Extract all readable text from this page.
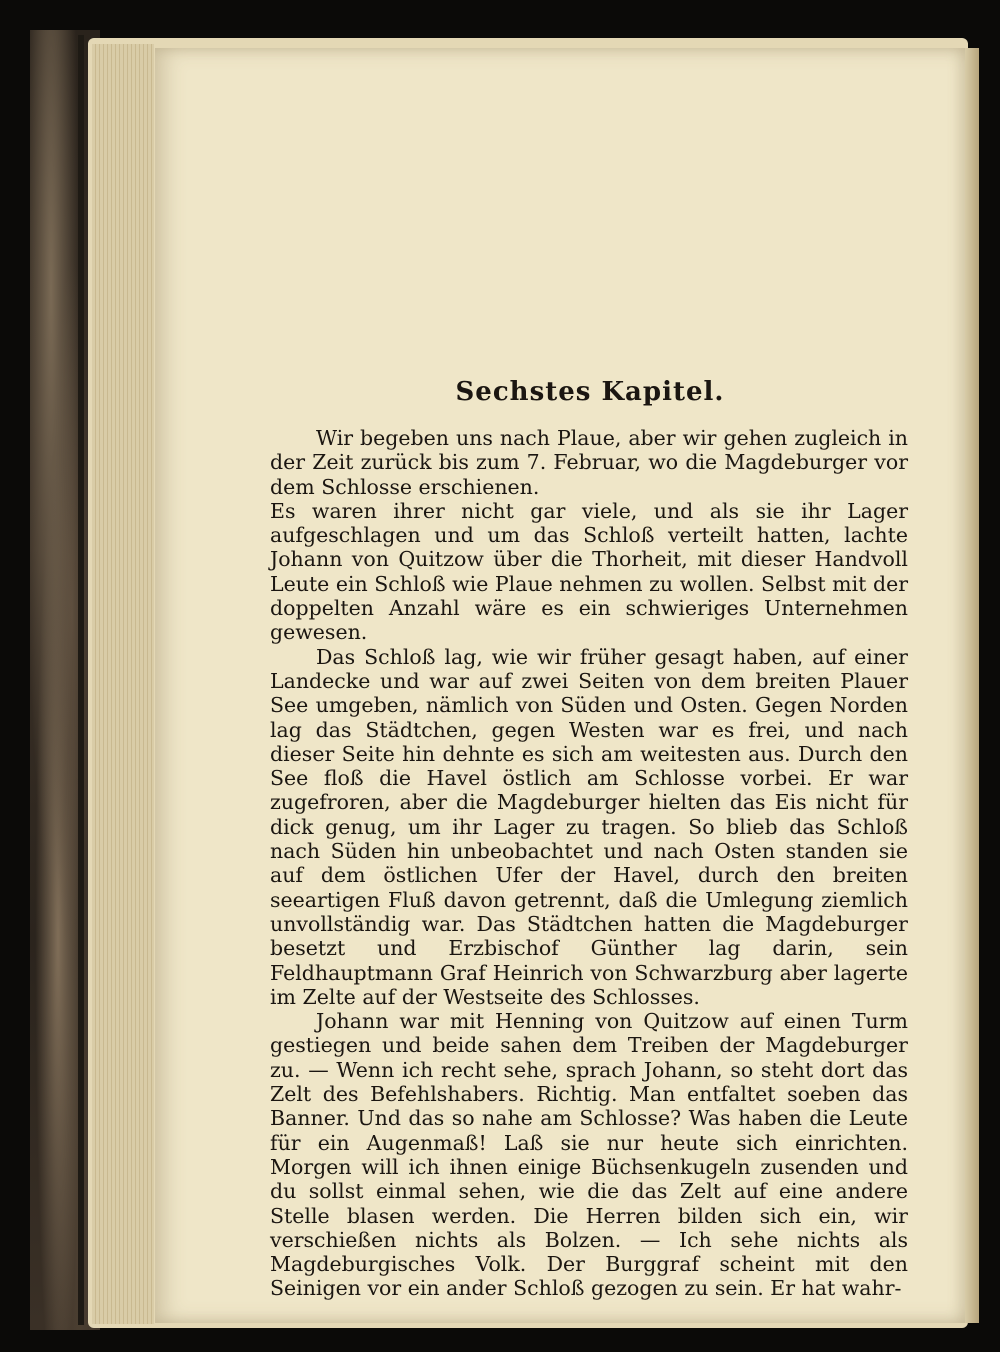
Sechstes Kapitel.

Wir begeben uns nach Plaue, aber wir gehen zugleich in der Zeit zurück bis zum 7. Februar, wo die Magdeburger vor dem Schlosse erschienen.

Es waren ihrer nicht gar viele, und als sie ihr Lager aufgeschlagen und um das Schloß verteilt hatten, lachte Johann von Quitzow über die Thorheit, mit dieser Handvoll Leute ein Schloß wie Plaue nehmen zu wollen. Selbst mit der doppelten Anzahl wäre es ein schwieriges Unternehmen gewesen.

Das Schloß lag, wie wir früher gesagt haben, auf einer Landecke und war auf zwei Seiten von dem breiten Plauer See umgeben, nämlich von Süden und Osten. Gegen Norden lag das Städtchen, gegen Westen war es frei, und nach dieser Seite hin dehnte es sich am weitesten aus. Durch den See floß die Havel östlich am Schlosse vorbei. Er war zugefroren, aber die Magdeburger hielten das Eis nicht für dick genug, um ihr Lager zu tragen. So blieb das Schloß nach Süden hin unbeobachtet und nach Osten standen sie auf dem östlichen Ufer der Havel, durch den breiten seeartigen Fluß davon getrennt, daß die Umlegung ziemlich unvollständig war. Das Städtchen hatten die Magdeburger besetzt und Erzbischof Günther lag darin, sein Feldhauptmann Graf Heinrich von Schwarzburg aber lagerte im Zelte auf der Westseite des Schlosses.

Johann war mit Henning von Quitzow auf einen Turm gestiegen und beide sahen dem Treiben der Magdeburger zu. — Wenn ich recht sehe, sprach Johann, so steht dort das Zelt des Befehlshabers. Richtig. Man entfaltet soeben das Banner. Und das so nahe am Schlosse? Was haben die Leute für ein Augenmaß! Laß sie nur heute sich einrichten. Morgen will ich ihnen einige Büchsenkugeln zusenden und du sollst einmal sehen, wie die das Zelt auf eine andere Stelle blasen werden. Die Herren bilden sich ein, wir verschießen nichts als Bolzen. — Ich sehe nichts als Magdeburgisches Volk. Der Burggraf scheint mit den Seinigen vor ein ander Schloß gezogen zu sein. Er hat wahr-
